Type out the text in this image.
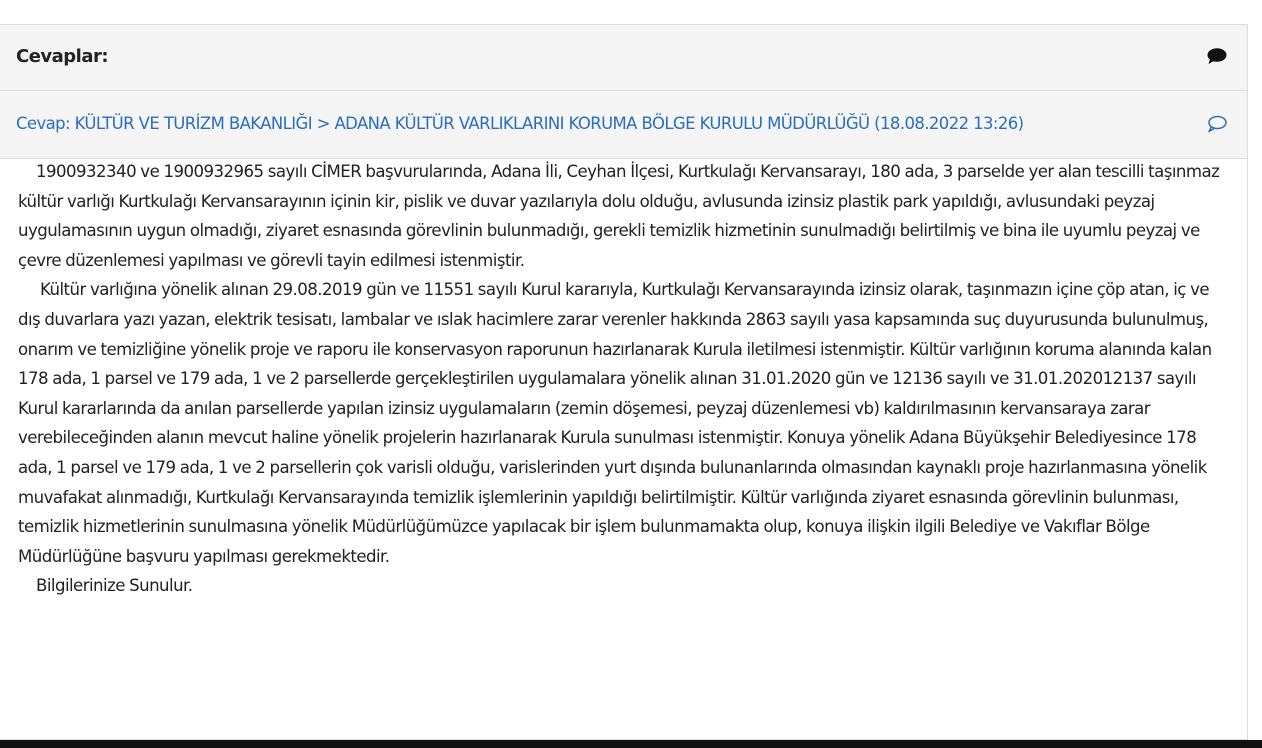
Cevaplar:
Cevap: KÜLTÜR VE TURİZM BAKANLIĞI > ADANA KÜLTÜR VARLIKLARINI KORUMA BÖLGE KURULU MÜDÜRLÜĞÜ (18.08.2022 13:26)

1900932340 ve 1900932965 sayılı CİMER başvurularında, Adana İli, Ceyhan İlçesi, Kurtkulağı Kervansarayı, 180 ada, 3 parselde yer alan tescilli taşınmaz kültür varlığı Kurtkulağı Kervansarayının içinin kir, pislik ve duvar yazılarıyla dolu olduğu, avlusunda izinsiz plastik park yapıldığı, avlusundaki peyzaj uygulamasının uygun olmadığı, ziyaret esnasında görevlinin bulunmadığı, gerekli temizlik hizmetinin sunulmadığı belirtilmiş ve bina ile uyumlu peyzaj ve çevre düzenlemesi yapılması ve görevli tayin edilmesi istenmiştir.

Kültür varlığına yönelik alınan 29.08.2019 gün ve 11551 sayılı Kurul kararıyla, Kurtkulağı Kervansarayında izinsiz olarak, taşınmazın içine çöp atan, iç ve dış duvarlara yazı yazan, elektrik tesisatı, lambalar ve ıslak hacimlere zarar verenler hakkında 2863 sayılı yasa kapsamında suç duyurusunda bulunulmuş, onarım ve temizliğine yönelik proje ve raporu ile konservasyon raporunun hazırlanarak Kurula iletilmesi istenmiştir. Kültür varlığının koruma alanında kalan 178 ada, 1 parsel ve 179 ada, 1 ve 2 parsellerde gerçekleştirilen uygulamalara yönelik alınan 31.01.2020 gün ve 12136 sayılı ve 31.01.202012137 sayılı Kurul kararlarında da anılan parsellerde yapılan izinsiz uygulamaların (zemin döşemesi, peyzaj düzenlemesi vb) kaldırılmasının kervansaraya zarar verebileceğinden alanın mevcut haline yönelik projelerin hazırlanarak Kurula sunulması istenmiştir. Konuya yönelik Adana Büyükşehir Belediyesince 178 ada, 1 parsel ve 179 ada, 1 ve 2 parsellerin çok varisli olduğu, varislerinden yurt dışında bulunanlarında olmasından kaynaklı proje hazırlanmasına yönelik muvafakat alınmadığı, Kurtkulağı Kervansarayında temizlik işlemlerinin yapıldığı belirtilmiştir. Kültür varlığında ziyaret esnasında görevlinin bulunması, temizlik hizmetlerinin sunulmasına yönelik Müdürlüğümüzce yapılacak bir işlem bulunmamakta olup, konuya ilişkin ilgili Belediye ve Vakıflar Bölge Müdürlüğüne başvuru yapılması gerekmektedir.

Bilgilerinize Sunulur.
